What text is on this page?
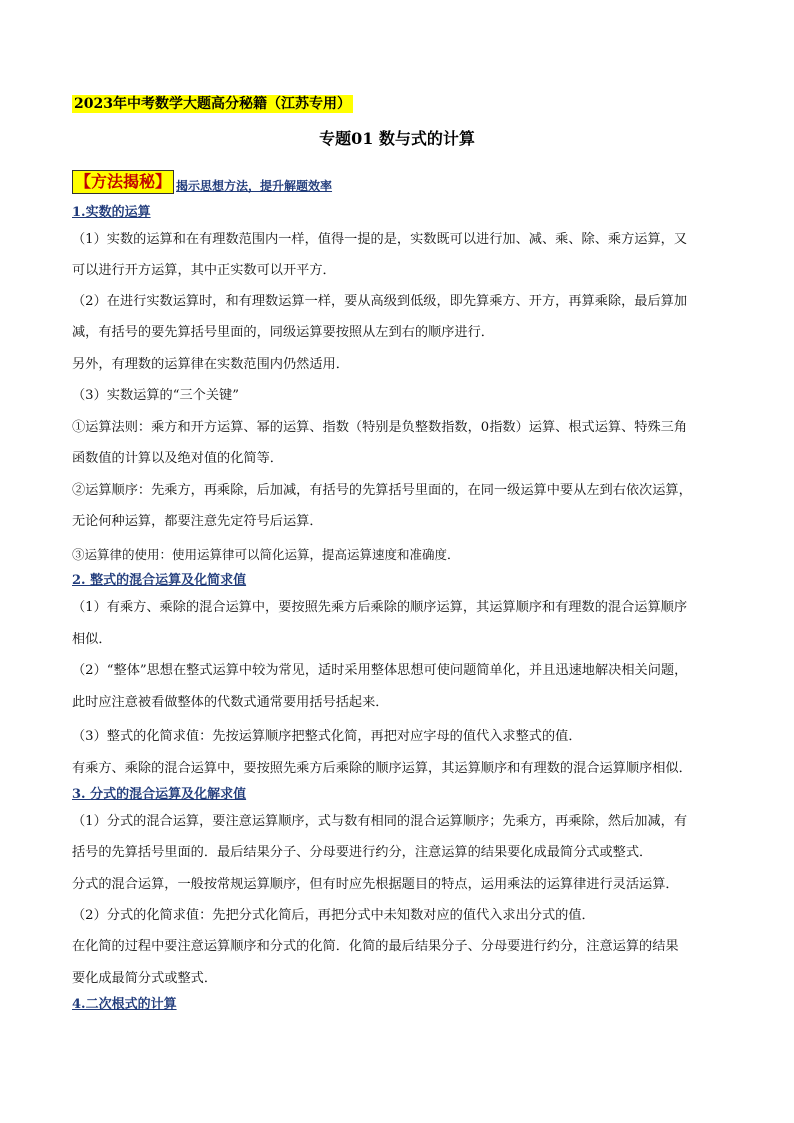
2023年中考数学大题高分秘籍（江苏专用）
专题01 数与式的计算
【方法揭秘】 揭示思想方法，提升解题效率
1.实数的运算
（1）实数的运算和在有理数范围内一样，值得一提的是，实数既可以进行加、减、乘、除、乘方运算，又
可以进行开方运算，其中正实数可以开平方．
（2）在进行实数运算时，和有理数运算一样，要从高级到低级，即先算乘方、开方，再算乘除，最后算加
减，有括号的要先算括号里面的，同级运算要按照从左到右的顺序进行．
另外，有理数的运算律在实数范围内仍然适用．
（3）实数运算的“三个关键”
①运算法则：乘方和开方运算、幂的运算、指数（特别是负整数指数，0指数）运算、根式运算、特殊三角
函数值的计算以及绝对值的化简等．
②运算顺序：先乘方，再乘除，后加减，有括号的先算括号里面的，在同一级运算中要从左到右依次运算，
无论何种运算，都要注意先定符号后运算．
③运算律的使用：使用运算律可以简化运算，提高运算速度和准确度．
2. 整式的混合运算及化简求值
（1）有乘方、乘除的混合运算中，要按照先乘方后乘除的顺序运算，其运算顺序和有理数的混合运算顺序
相似．
（2）“整体”思想在整式运算中较为常见，适时采用整体思想可使问题简单化，并且迅速地解决相关问题，
此时应注意被看做整体的代数式通常要用括号括起来．
（3）整式的化简求值：先按运算顺序把整式化简，再把对应字母的值代入求整式的值．
有乘方、乘除的混合运算中，要按照先乘方后乘除的顺序运算，其运算顺序和有理数的混合运算顺序相似．
3. 分式的混合运算及化解求值
（1）分式的混合运算，要注意运算顺序，式与数有相同的混合运算顺序；先乘方，再乘除，然后加减，有
括号的先算括号里面的．最后结果分子、分母要进行约分，注意运算的结果要化成最简分式或整式．
分式的混合运算，一般按常规运算顺序，但有时应先根据题目的特点，运用乘法的运算律进行灵活运算．
（2）分式的化简求值：先把分式化简后，再把分式中未知数对应的值代入求出分式的值．
在化简的过程中要注意运算顺序和分式的化简．化简的最后结果分子、分母要进行约分，注意运算的结果
要化成最简分式或整式．
4.二次根式的计算
